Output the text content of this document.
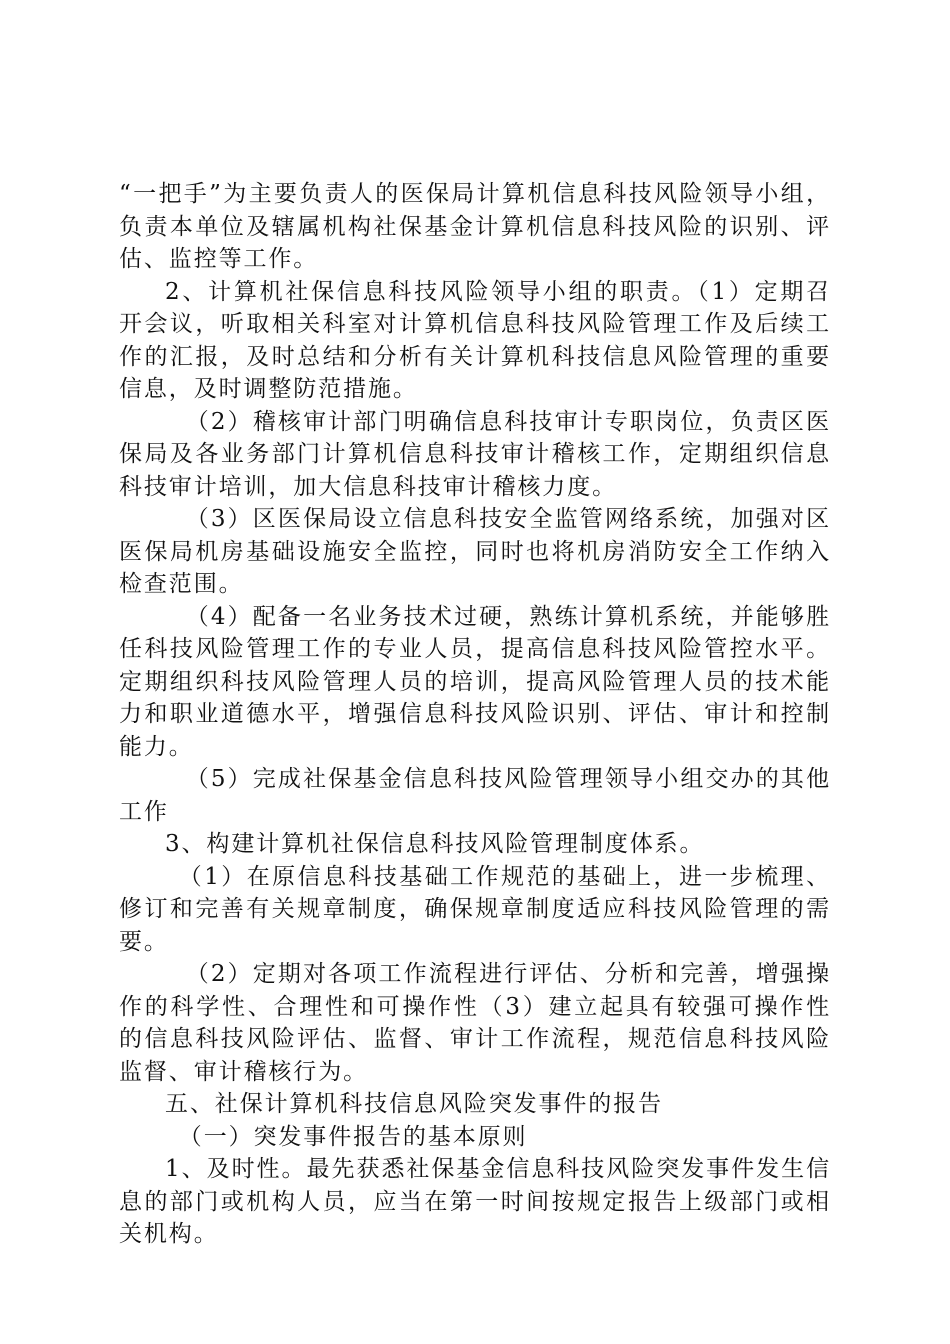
“一把手”为主要负责人的医保局计算机信息科技风险领导小组，负责本单位及辖属机构社保基金计算机信息科技风险的识别、评估、监控等工作。

2、计算机社保信息科技风险领导小组的职责。（1）定期召开会议，听取相关科室对计算机信息科技风险管理工作及后续工作的汇报，及时总结和分析有关计算机科技信息风险管理的重要信息，及时调整防范措施。

（2）稽核审计部门明确信息科技审计专职岗位，负责区医保局及各业务部门计算机信息科技审计稽核工作，定期组织信息科技审计培训，加大信息科技审计稽核力度。

（3）区医保局设立信息科技安全监管网络系统，加强对区医保局机房基础设施安全监控，同时也将机房消防安全工作纳入检查范围。

（4）配备一名业务技术过硬，熟练计算机系统，并能够胜任科技风险管理工作的专业人员，提高信息科技风险管控水平。定期组织科技风险管理人员的培训，提高风险管理人员的技术能力和职业道德水平，增强信息科技风险识别、评估、审计和控制能力。

（5）完成社保基金信息科技风险管理领导小组交办的其他工作

3、构建计算机社保信息科技风险管理制度体系。

（1）在原信息科技基础工作规范的基础上，进一步梳理、修订和完善有关规章制度，确保规章制度适应科技风险管理的需要。

（2）定期对各项工作流程进行评估、分析和完善，增强操作的科学性、合理性和可操作性（3）建立起具有较强可操作性的信息科技风险评估、监督、审计工作流程，规范信息科技风险监督、审计稽核行为。

五、社保计算机科技信息风险突发事件的报告

（一）突发事件报告的基本原则

1、及时性。最先获悉社保基金信息科技风险突发事件发生信息的部门或机构人员，应当在第一时间按规定报告上级部门或相关机构。
